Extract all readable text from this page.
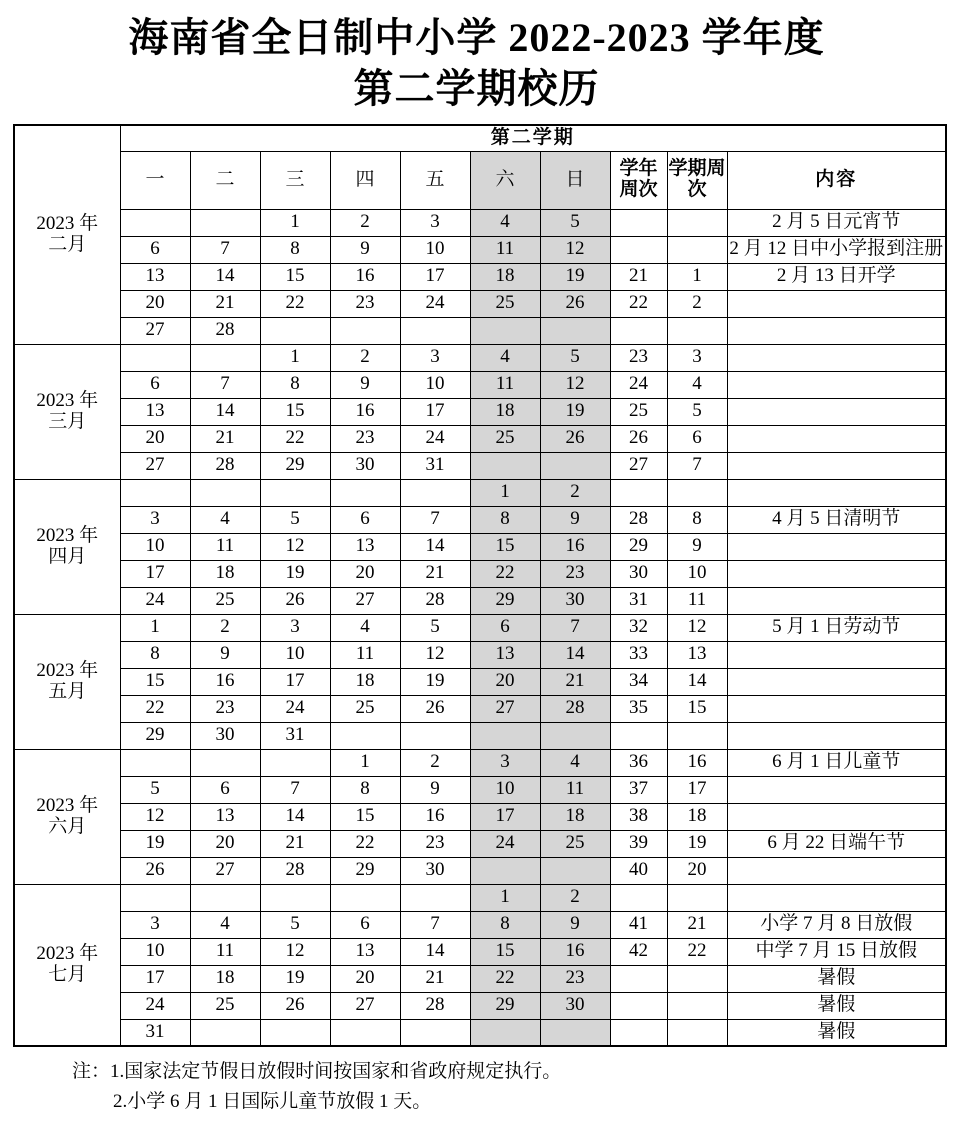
海南省全日制中小学 2022-2023 学年度
第二学期校历
2023 年
二月	第二学期									
	一	二	三	四	五	六	日	学年周次	学期周次	内容
			1	2	3	4	5			2 月 5 日元宵节
	6	7	8	9	10	11	12			2 月 12 日中小学报到注册
	13	14	15	16	17	18	19	21	1	2 月 13 日开学
	20	21	22	23	24	25	26	22	2	
	27	28								

2023 年
三月			1	2	3	4	5	23	3	
	6	7	8	9	10	11	12	24	4	
	13	14	15	16	17	18	19	25	5	
	20	21	22	23	24	25	26	26	6	
	27	28	29	30	31			27	7	

2023 年
四月						1	2			
	3	4	5	6	7	8	9	28	8	4 月 5 日清明节
	10	11	12	13	14	15	16	29	9	
	17	18	19	20	21	22	23	30	10	
	24	25	26	27	28	29	30	31	11	

2023 年
五月	1	2	3	4	5	6	7	32	12	5 月 1 日劳动节
	8	9	10	11	12	13	14	33	13	
	15	16	17	18	19	20	21	34	14	
	22	23	24	25	26	27	28	35	15	
	29	30	31							

2023 年
六月				1	2	3	4	36	16	6 月 1 日儿童节
	5	6	7	8	9	10	11	37	17	
	12	13	14	15	16	17	18	38	18	
	19	20	21	22	23	24	25	39	19	6 月 22 日端午节
	26	27	28	29	30			40	20	

2023 年
七月						1	2			
	3	4	5	6	7	8	9	41	21	小学 7 月 8 日放假
	10	11	12	13	14	15	16	42	22	中学 7 月 15 日放假
	17	18	19	20	21	22	23			暑假
	24	25	26	27	28	29	30			暑假
	31									暑假
注：1.国家法定节假日放假时间按国家和省政府规定执行。
2.小学 6 月 1 日国际儿童节放假 1 天。
